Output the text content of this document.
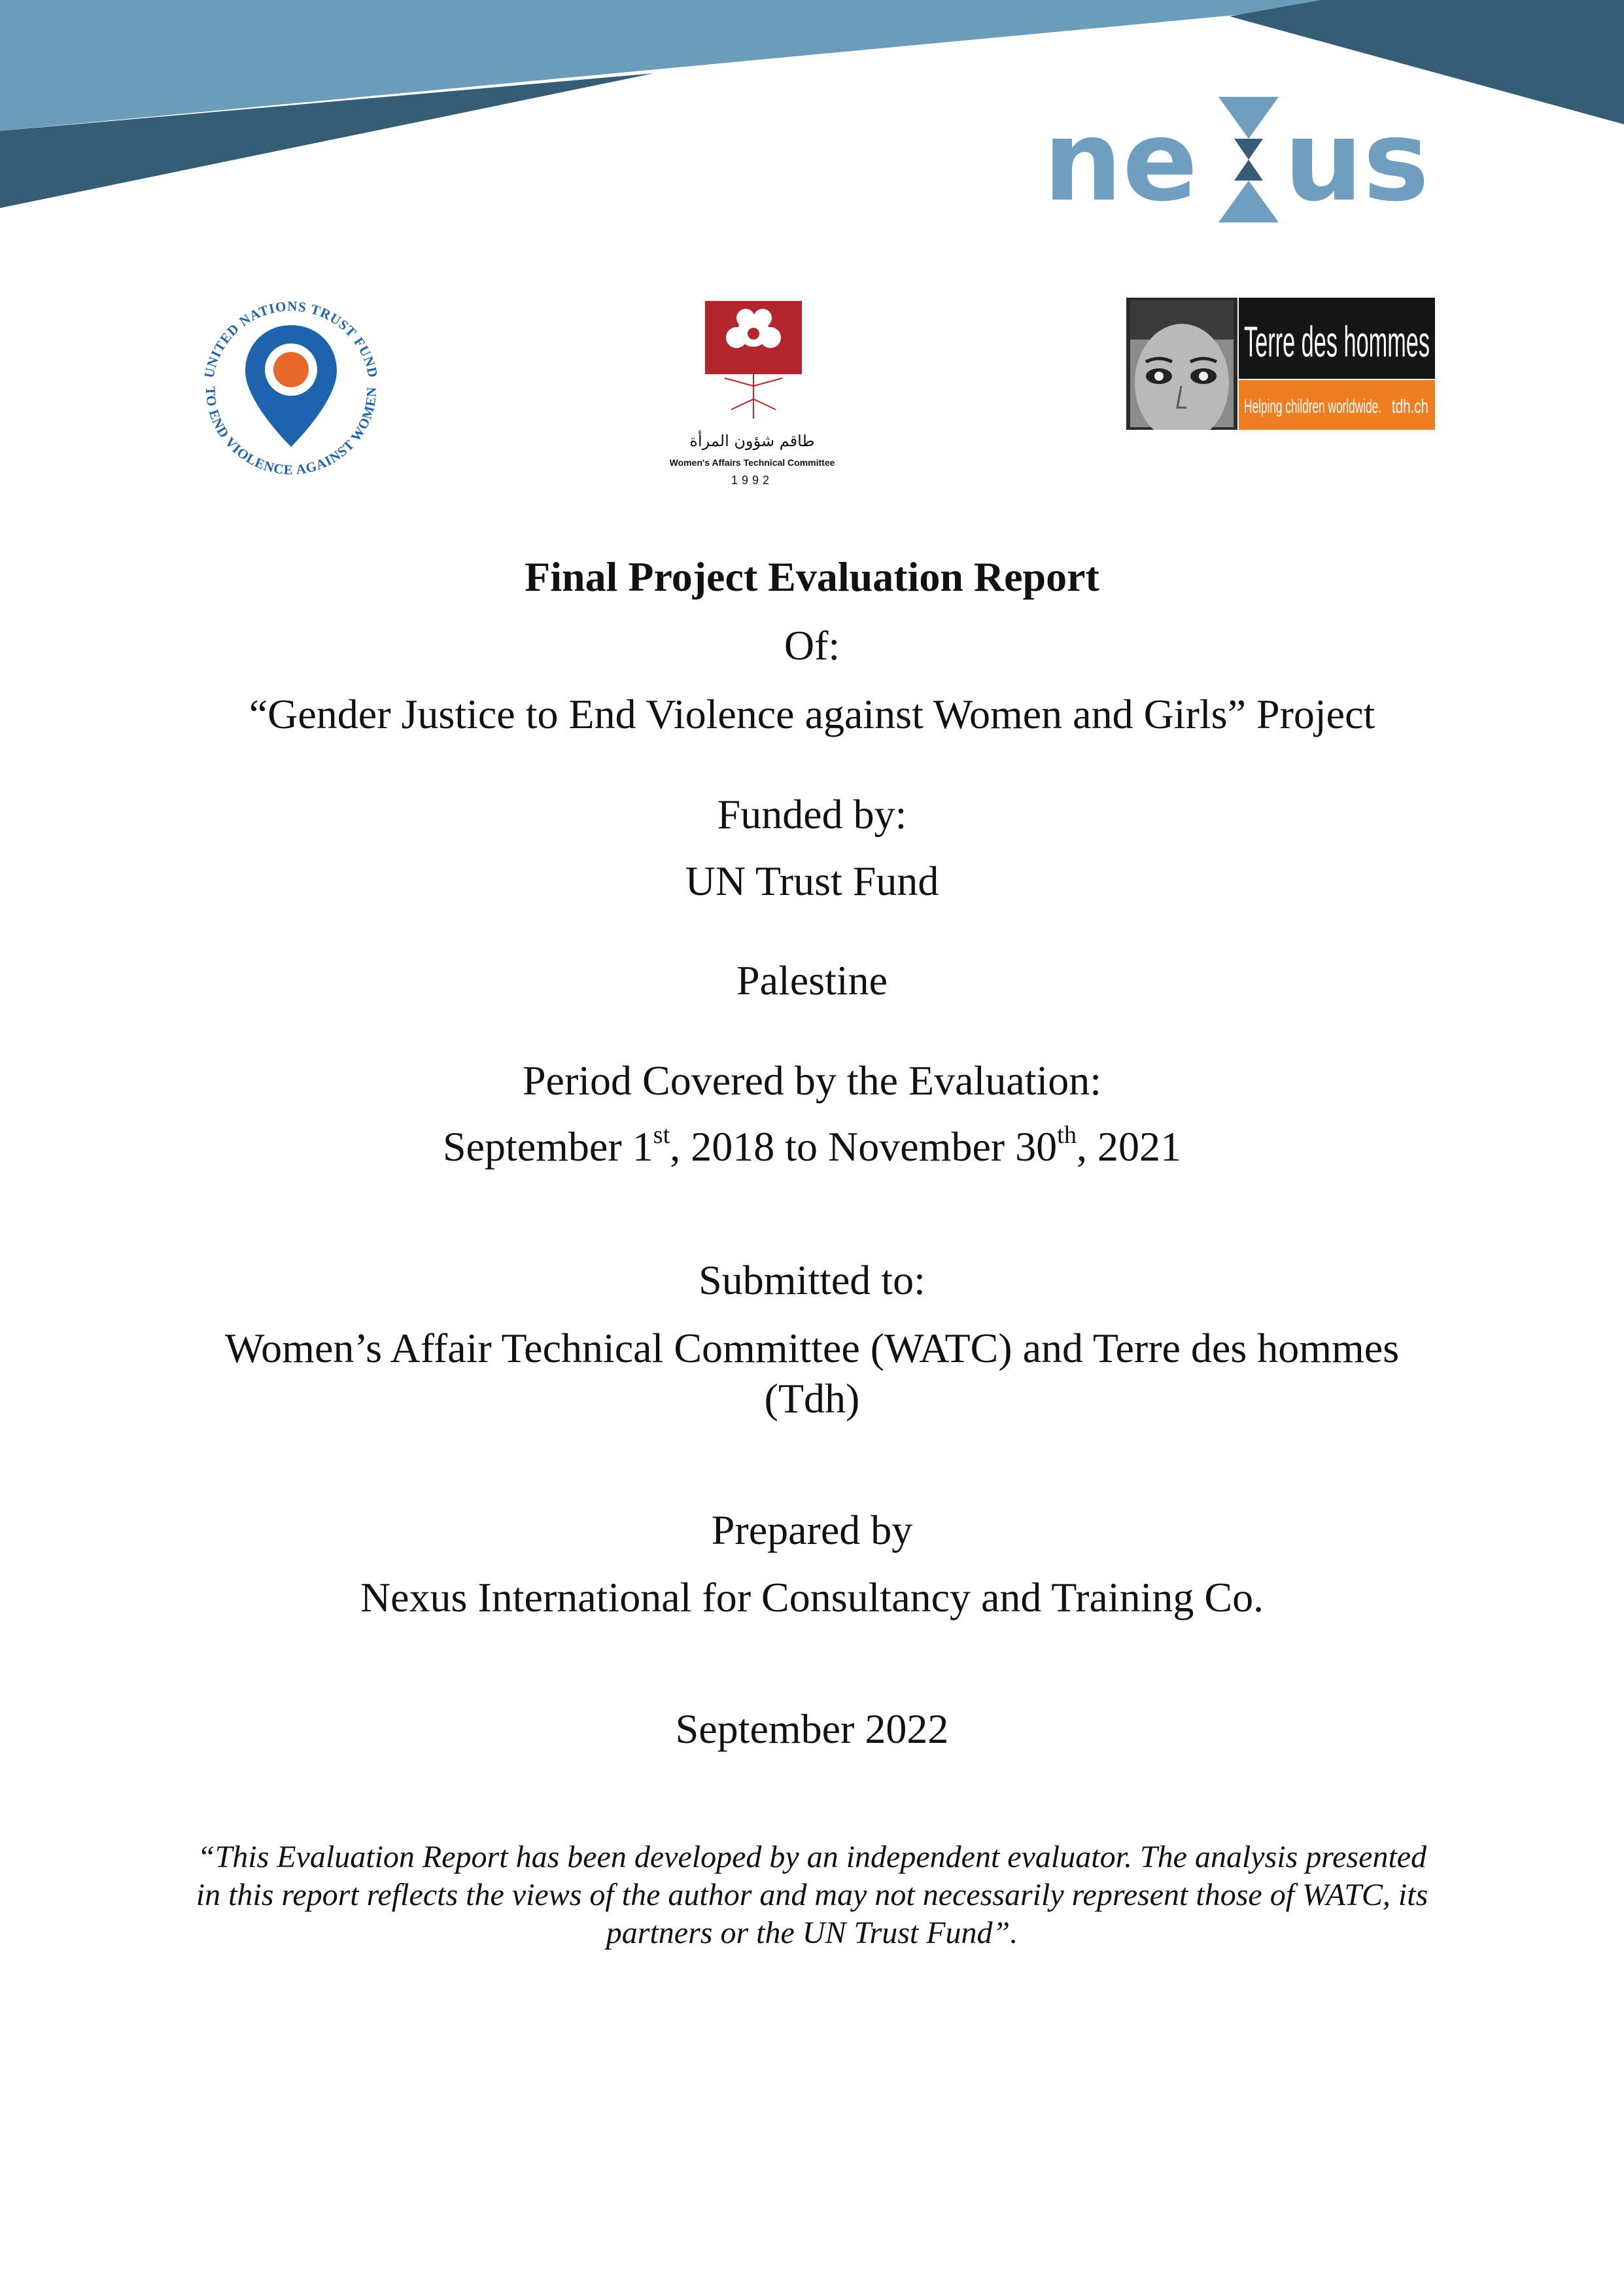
ne us
UNITED NATIONS TRUST FUND
TO END VIOLENCE AGAINST WOMEN
طاقم شؤون المرأة
Women's Affairs Technical Committee
1992
Terre des hommes
Helping children worldwide. tdh.ch
Final Project Evaluation Report
Of:
“Gender Justice to End Violence against Women and Girls” Project
Funded by:
UN Trust Fund
Palestine
Period Covered by the Evaluation:
September 1st, 2018 to November 30th, 2021
Submitted to:
Women’s Affair Technical Committee (WATC) and Terre des hommes (Tdh)
Prepared by
Nexus International for Consultancy and Training Co.
September 2022
“This Evaluation Report has been developed by an independent evaluator. The analysis presented in this report reflects the views of the author and may not necessarily represent those of WATC, its partners or the UN Trust Fund”.
